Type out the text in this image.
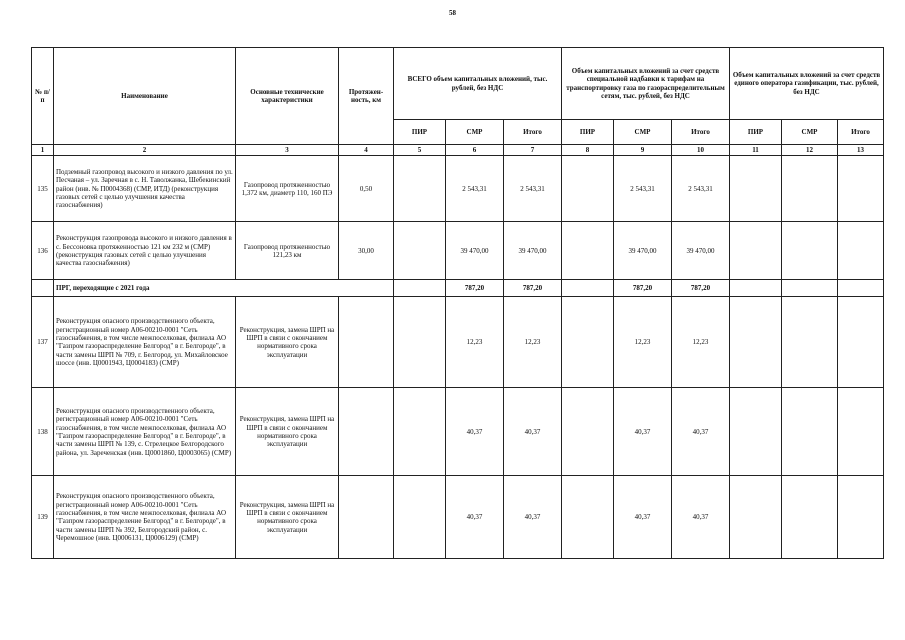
58
№ п/п	Наименование	Основные технические характеристики	Протяжен-ность, км	ВСЕГО объем капитальных вложений, тыс. рублей, без НДС			Объем капитальных вложений за счет средств специальной надбавки к тарифам на транспортировку газа по газораспределительным сетям, тыс. рублей, без НДС			Объем капитальных вложений за счет средств единого оператора газификации, тыс. рублей, без НДС		
				ПИР	СМР	Итого	ПИР	СМР	Итого	ПИР	СМР	Итого
1	2	3	4	5	6	7	8	9	10	11	12	13
135	Подземный газопровод высокого и низкого давления по ул. Песчаная – ул. Заречная в с. Н. Таволжанка, Шебекинский район (инв. № П0004368) (СМР, ИТД) (реконструкция газовых сетей с целью улучшения качества газоснабжения)	Газопровод протяженностью 1,372 км, диаметр 110, 160 ПЭ	0,50		2 543,31	2 543,31		2 543,31	2 543,31			
136	Реконструкция газопровода высокого и низкого давления в с. Бессоновка протяженностью 121 км 232 м (СМР) (реконструкция газовых сетей с целью улучшения качества газоснабжения)	Газопровод протяженностью 121,23 км	30,00		39 470,00	39 470,00		39 470,00	39 470,00			
	ПРГ, переходящие с 2021 года				787,20	787,20		787,20	787,20			
137	Реконструкция опасного производственного объекта, регистрационный номер А06-00210-0001 "Сеть газоснабжения, в том числе межпоселковая, филиала АО "Газпром газораспределение Белгород" в г. Белгороде", в части замены ШРП № 709, г. Белгород, ул. Михайловское шоссе (инв. Ц0001943, Ц0004183) (СМР)	Реконструкция, замена ШРП на ШРП в связи с окончанием нормативного срока эксплуатации			12,23	12,23		12,23	12,23			
138	Реконструкция опасного производственного объекта, регистрационный номер А06-00210-0001 "Сеть газоснабжения, в том числе межпоселковая, филиала АО "Газпром газораспределение Белгород" в г. Белгороде", в части замены ШРП № 139, с. Стрелецкое Белгородского района, ул. Зареченская (инв. Ц0001860, Ц0003065) (СМР)	Реконструкция, замена ШРП на ШРП в связи с окончанием нормативного срока эксплуатации			40,37	40,37		40,37	40,37			
139	Реконструкция опасного производственного объекта, регистрационный номер А06-00210-0001 "Сеть газоснабжения, в том числе межпоселковая, филиала АО "Газпром газораспределение Белгород" в г. Белгороде", в части замены ШРП № 392, Белгородский район, с. Черемошное (инв. Ц0006131, Ц0006129) (СМР)	Реконструкция, замена ШРП на ШРП в связи с окончанием нормативного срока эксплуатации			40,37	40,37		40,37	40,37			
